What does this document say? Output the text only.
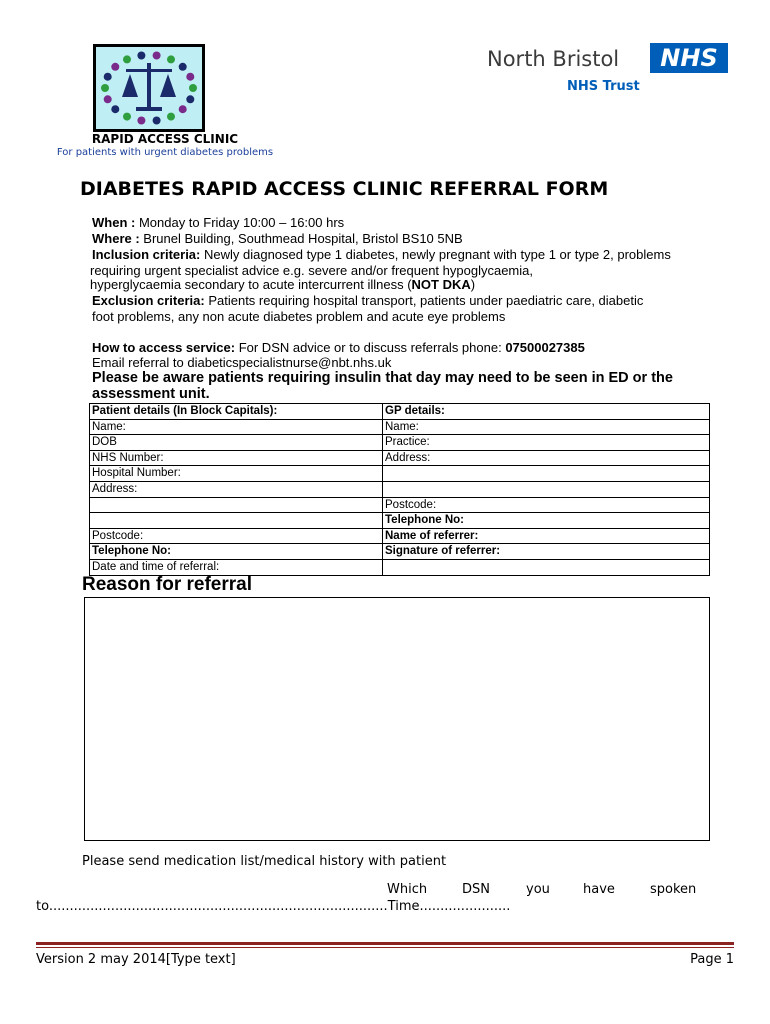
RAPID ACCESS CLINIC
For patients with urgent diabetes problems
North Bristol	NHS
NHS Trust
DIABETES RAPID ACCESS CLINIC REFERRAL FORM
When : Monday to Friday 10:00 – 16:00 hrs
Where : Brunel Building, Southmead Hospital, Bristol BS10 5NB
Inclusion criteria: Newly diagnosed type 1 diabetes, newly pregnant with type 1 or type 2, problems
requiring urgent specialist advice e.g. severe and/or frequent hypoglycaemia,
hyperglycaemia secondary to acute intercurrent illness (NOT DKA)
Exclusion criteria: Patients requiring hospital transport, patients under paediatric care, diabetic
foot problems, any non acute diabetes problem and acute eye problems
How to access service: For DSN advice or to discuss referrals phone: 07500027385
Email referral to diabeticspecialistnurse@nbt.nhs.uk
Please be aware patients requiring insulin that day may need to be seen in ED or the assessment unit.
Patient details (In Block Capitals):	GP details:
Name:	Name:
DOB	Practice:
NHS Number:	Address:
Hospital Number:	
Address:	
	Postcode:
	Telephone No:
Postcode:	Name of referrer:
Telephone No:	Signature of referrer:
Date and time of referral:	
Reason for referral
Please send medication list/medical history with patient
Which	DSN	you	have	spoken
to..................................................................................Time......................
Version 2 may 2014[Type text]	Page 1
